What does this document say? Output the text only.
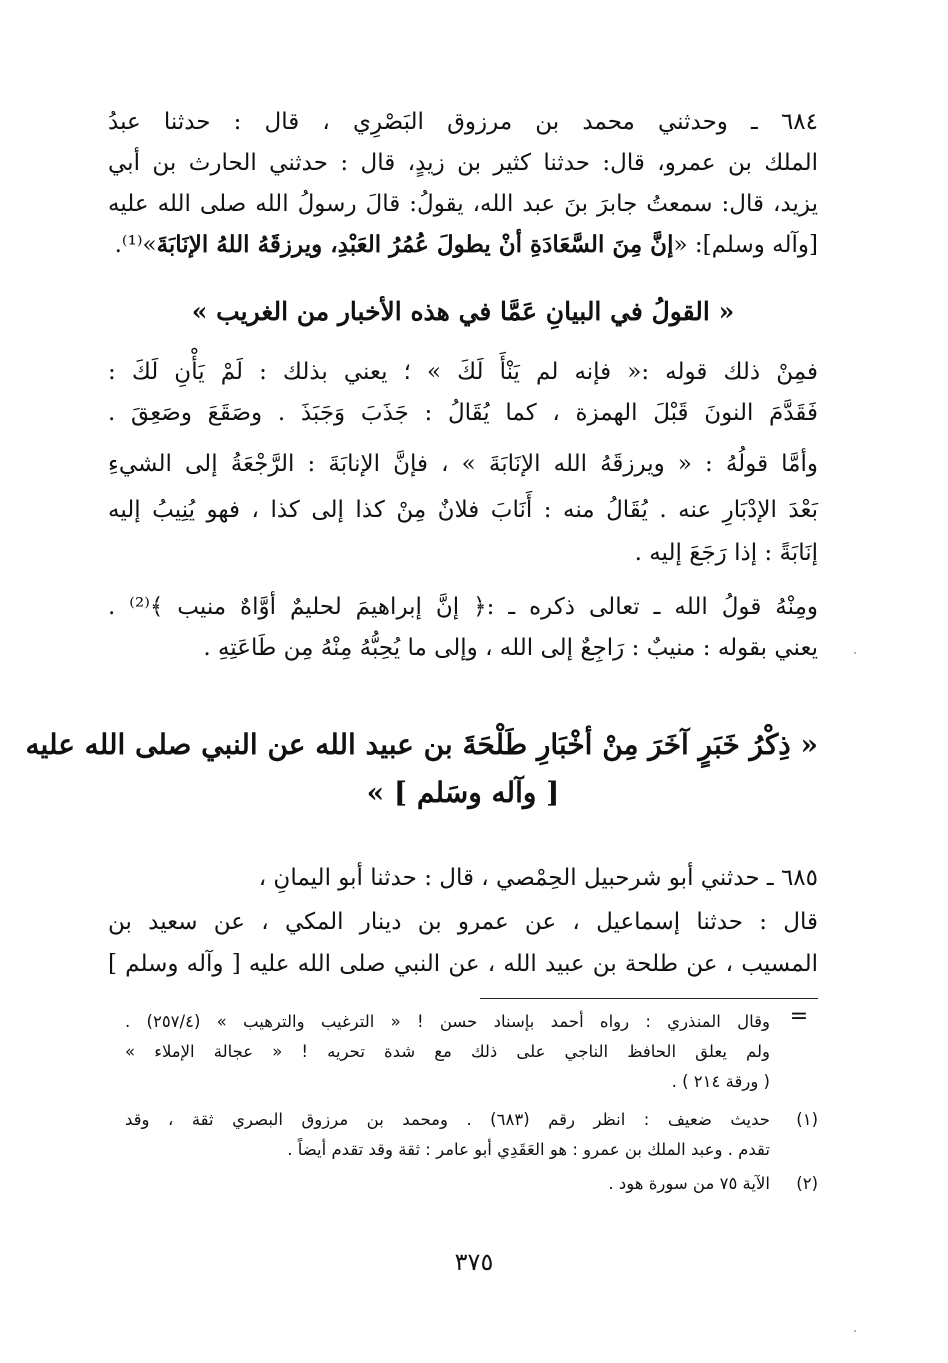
٦٨٤ ـ وحدثني محمد بن مرزوق البَصْرِي ، قال : حدثنا عبدُ
الملك بن عمرو، قال: حدثنا كثير بن زيدٍ، قال : حدثني الحارث بن أبي
يزيد، قال: سمعتُ جابرَ بنَ عبد الله، يقولُ: قالَ رسولُ الله صلى الله عليه
[وآله وسلم]: «إنَّ مِنَ السَّعَادَةِ أنْ يطولَ عُمُرُ العَبْدِ، ويرزقَهُ اللهُ الإنَابَةَ»⁽¹⁾.
« القولُ في البيانِ عَمَّا في هذه الأخبار من الغريب »
فمِنْ ذلك قوله :« فإنه لم يَنْأَ لَكَ » ؛ يعني بذلك : لَمْ يَأْنِ لَكَ :
فَقَدَّمَ النونَ قَبْلَ الهمزة ، كما يُقَالُ : جَذَبَ وَجَبَذَ . وصَقَعَ وصَعِقَ .
وأمَّا قولُهُ : « ويرزقَهُ الله الإنَابَةَ » ، فإنَّ الإنابَةَ : الرَّجْعَةُ إلى الشيءِ
بَعْدَ الإدْبَارِ عنه . يُقَالُ منه : أَنَابَ فلانٌ مِنْ كذا إلى كذا ، فهو يُنِيبُ إليه
إنَابَةً : إذا رَجَعَ إليه .
ومِنْهُ قولُ الله ـ تعالى ذكره ـ :﴿ إنَّ إبراهيمَ لحليمٌ أوَّاهٌ منيب ﴾⁽²⁾ .
يعني بقوله : منيبٌ : رَاجِعٌ إلى الله ، وإلى ما يُحِبُّهُ مِنْهُ مِن طَاعَتِهِ .
« ذِكْرُ خَبَرٍ آخَرَ مِنْ أخْبَارِ طَلْحَةَ بن عبيد الله عن النبي صلى الله عليه
[ وآله وسَلم ] »
٦٨٥ ـ حدثني أبو شرحبيل الحِمْصي ، قال : حدثنا أبو اليمانِ ،
قال : حدثنا إسماعيل ، عن عمرو بن دينار المكي ، عن سعيد بن
المسيب ، عن طلحة بن عبيد الله ، عن النبي صلى الله عليه [ وآله وسلم ]
=
وقال المنذري : رواه أحمد بإسناد حسن ! « الترغيب والترهيب » (٢٥٧/٤) .
ولم يعلق الحافظ الناجي على ذلك مع شدة تحريه ! « عجالة الإملاء »
( ورقة ٢١٤ ) .
(١)
حديث ضعيف : انظر رقم (٦٨٣) . ومحمد بن مرزوق البصري ثقة ، وقد
تقدم . وعبد الملك بن عمرو : هو العَقَدِي أبو عامر : ثقة وقد تقدم أيضاً .
(٢)
الآية ٧٥ من سورة هود .
٣٧٥
